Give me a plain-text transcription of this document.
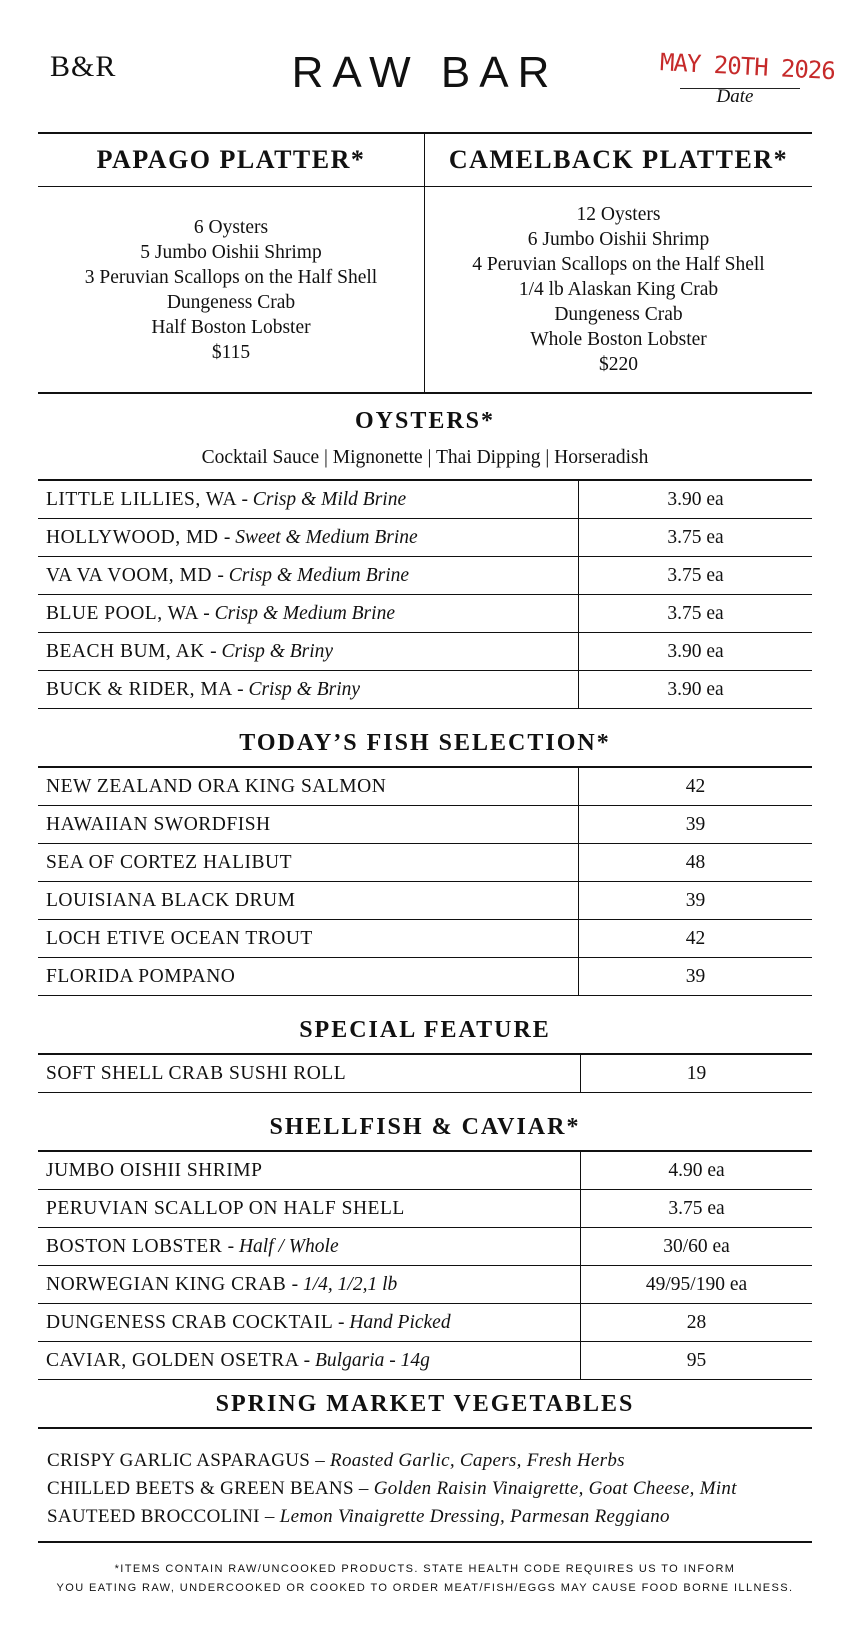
B&R	RAW BAR	MAY 20TH 2026
Date
PAPAGO PLATTER*
6 Oysters
5 Jumbo Oishii Shrimp
3 Peruvian Scallops on the Half Shell
Dungeness Crab
Half Boston Lobster
$115
CAMELBACK PLATTER*
12 Oysters
6 Jumbo Oishii Shrimp
4 Peruvian Scallops on the Half Shell
1/4 lb Alaskan King Crab
Dungeness Crab
Whole Boston Lobster
$220
OYSTERS*
Cocktail Sauce | Mignonette | Thai Dipping | Horseradish
LITTLE LILLIES, WA - Crisp & Mild Brine	3.90 ea
HOLLYWOOD, MD - Sweet & Medium Brine	3.75 ea
VA VA VOOM, MD - Crisp & Medium Brine	3.75 ea
BLUE POOL, WA - Crisp & Medium Brine	3.75 ea
BEACH BUM, AK - Crisp & Briny	3.90 ea
BUCK & RIDER, MA - Crisp & Briny	3.90 ea
TODAY’S FISH SELECTION*
NEW ZEALAND ORA KING SALMON	42
HAWAIIAN SWORDFISH	39
SEA OF CORTEZ HALIBUT	48
LOUISIANA BLACK DRUM	39
LOCH ETIVE OCEAN TROUT	42
FLORIDA POMPANO	39
SPECIAL FEATURE
SOFT SHELL CRAB SUSHI ROLL	19
SHELLFISH & CAVIAR*
JUMBO OISHII SHRIMP	4.90 ea
PERUVIAN SCALLOP ON HALF SHELL	3.75 ea
BOSTON LOBSTER - Half / Whole	30/60 ea
NORWEGIAN KING CRAB - 1/4, 1/2,1 lb	49/95/190 ea
DUNGENESS CRAB COCKTAIL - Hand Picked	28
CAVIAR, GOLDEN OSETRA - Bulgaria - 14g	95
SPRING MARKET VEGETABLES
CRISPY GARLIC ASPARAGUS – Roasted Garlic, Capers, Fresh Herbs
CHILLED BEETS & GREEN BEANS – Golden Raisin Vinaigrette, Goat Cheese, Mint
SAUTEED BROCCOLINI – Lemon Vinaigrette Dressing, Parmesan Reggiano
*ITEMS CONTAIN RAW/UNCOOKED PRODUCTS. STATE HEALTH CODE REQUIRES US TO INFORM
YOU EATING RAW, UNDERCOOKED OR COOKED TO ORDER MEAT/FISH/EGGS MAY CAUSE FOOD BORNE ILLNESS.
